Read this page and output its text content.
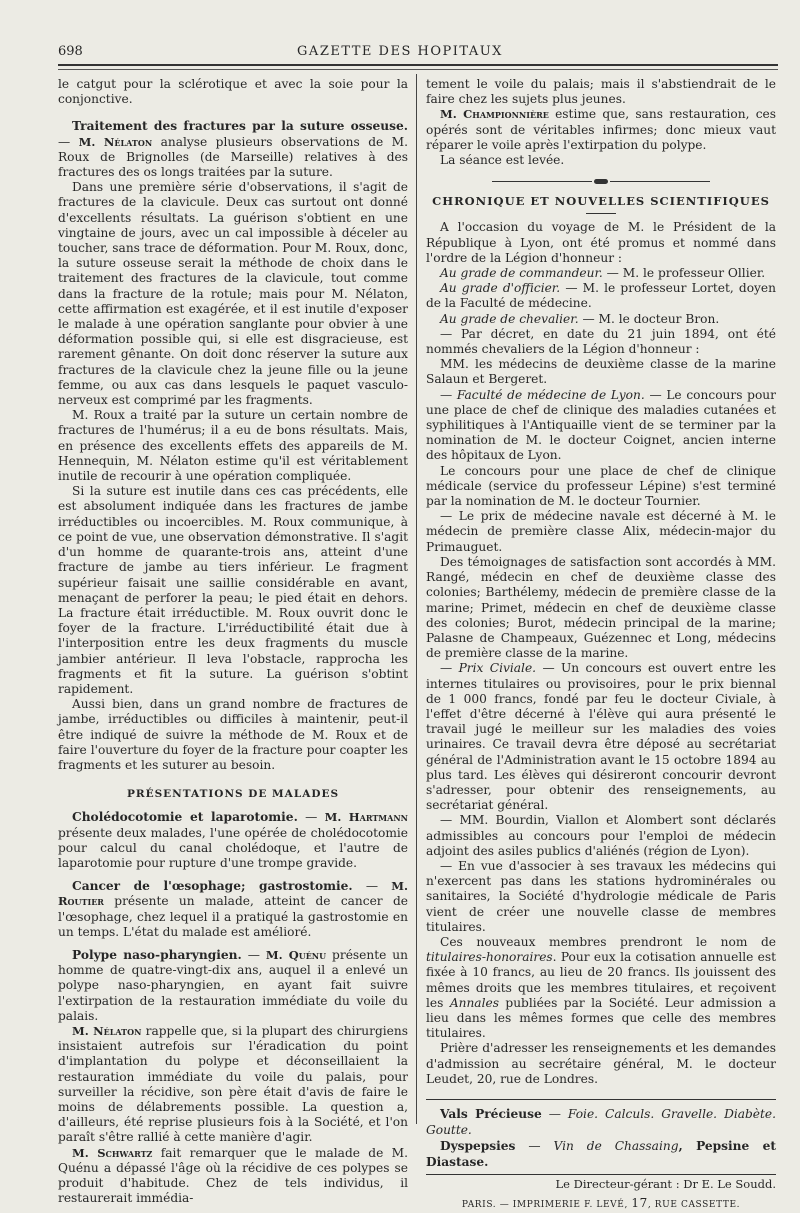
698	GAZETTE DES HOPITAUX

le catgut pour la sclérotique et avec la soie pour la conjonctive.

Traitement des fractures par la suture osseuse. — M. Nélaton analyse plusieurs observations de M. Roux de Brignolles (de Marseille) relatives à des fractures des os longs traitées par la suture.

Dans une première série d'observations, il s'agit de fractures de la clavicule. Deux cas surtout ont donné d'excellents résultats. La guérison s'obtient en une vingtaine de jours, avec un cal impossible à déceler au toucher, sans trace de déformation. Pour M. Roux, donc, la suture osseuse serait la méthode de choix dans le traitement des fractures de la clavicule, tout comme dans la fracture de la rotule; mais pour M. Nélaton, cette affirmation est exagérée, et il est inutile d'exposer le malade à une opération sanglante pour obvier à une déformation possible qui, si elle est disgracieuse, est rarement gênante. On doit donc réserver la suture aux fractures de la clavicule chez la jeune fille ou la jeune femme, ou aux cas dans lesquels le paquet vasculo-nerveux est comprimé par les fragments.

M. Roux a traité par la suture un certain nombre de fractures de l'humérus; il a eu de bons résultats. Mais, en présence des excellents effets des appareils de M. Hennequin, M. Nélaton estime qu'il est véritablement inutile de recourir à une opération compliquée.

Si la suture est inutile dans ces cas précédents, elle est absolument indiquée dans les fractures de jambe irréductibles ou incoercibles. M. Roux communique, à ce point de vue, une observation démonstrative. Il s'agit d'un homme de quarante-trois ans, atteint d'une fracture de jambe au tiers inférieur. Le fragment supérieur faisait une saillie considérable en avant, menaçant de perforer la peau; le pied était en dehors. La fracture était irréductible. M. Roux ouvrit donc le foyer de la fracture. L'irréductibilité était due à l'interposition entre les deux fragments du muscle jambier antérieur. Il leva l'obstacle, rapprocha les fragments et fit la suture. La guérison s'obtint rapidement.

Aussi bien, dans un grand nombre de fractures de jambe, irréductibles ou difficiles à maintenir, peut-il être indiqué de suivre la méthode de M. Roux et de faire l'ouverture du foyer de la fracture pour coapter les fragments et les suturer au besoin.

PRÉSENTATIONS DE MALADES

Cholédocotomie et laparotomie. — M. Hartmann présente deux malades, l'une opérée de cholédocotomie pour calcul du canal cholédoque, et l'autre de laparotomie pour rupture d'une trompe gravide.

Cancer de l'œsophage; gastrostomie. — M. Routier présente un malade, atteint de cancer de l'œsophage, chez lequel il a pratiqué la gastrostomie en un temps. L'état du malade est amélioré.

Polype naso-pharyngien. — M. Quénu présente un homme de quatre-vingt-dix ans, auquel il a enlevé un polype naso-pharyngien, en ayant fait suivre l'extirpation de la restauration immédiate du voile du palais.

M. Nélaton rappelle que, si la plupart des chirurgiens insistaient autrefois sur l'éradication du point d'implantation du polype et déconseillaient la restauration immédiate du voile du palais, pour surveiller la récidive, son père était d'avis de faire le moins de délabrements possible. La question a, d'ailleurs, été reprise plusieurs fois à la Société, et l'on paraît s'être rallié à cette manière d'agir.

M. Schwartz fait remarquer que le malade de M. Quénu a dépassé l'âge où la récidive de ces polypes se produit d'habitude. Chez de tels individus, il restaurerait immédia-

tement le voile du palais; mais il s'abstiendrait de le faire chez les sujets plus jeunes.

M. Championnière estime que, sans restauration, ces opérés sont de véritables infirmes; donc mieux vaut réparer le voile après l'extirpation du polype.

La séance est levée.

CHRONIQUE ET NOUVELLES SCIENTIFIQUES

A l'occasion du voyage de M. le Président de la République à Lyon, ont été promus et nommé dans l'ordre de la Légion d'honneur :

Au grade de commandeur. — M. le professeur Ollier.

Au grade d'officier. — M. le professeur Lortet, doyen de la Faculté de médecine.

Au grade de chevalier. — M. le docteur Bron.

— Par décret, en date du 21 juin 1894, ont été nommés chevaliers de la Légion d'honneur :

MM. les médecins de deuxième classe de la marine Salaun et Bergeret.

— Faculté de médecine de Lyon. — Le concours pour une place de chef de clinique des maladies cutanées et syphilitiques à l'Antiquaille vient de se terminer par la nomination de M. le docteur Coignet, ancien interne des hôpitaux de Lyon.

Le concours pour une place de chef de clinique médicale (service du professeur Lépine) s'est terminé par la nomination de M. le docteur Tournier.

— Le prix de médecine navale est décerné à M. le médecin de première classe Alix, médecin-major du Primauguet.

Des témoignages de satisfaction sont accordés à MM. Rangé, médecin en chef de deuxième classe des colonies; Barthélemy, médecin de première classe de la marine; Primet, médecin en chef de deuxième classe des colonies; Burot, médecin principal de la marine; Palasne de Champeaux, Guézennec et Long, médecins de première classe de la marine.

— Prix Civiale. — Un concours est ouvert entre les internes titulaires ou provisoires, pour le prix biennal de 1 000 francs, fondé par feu le docteur Civiale, à l'effet d'être décerné à l'élève qui aura présenté le travail jugé le meilleur sur les maladies des voies urinaires. Ce travail devra être déposé au secrétariat général de l'Administration avant le 15 octobre 1894 au plus tard. Les élèves qui désireront concourir devront s'adresser, pour obtenir des renseignements, au secrétariat général.

— MM. Bourdin, Viallon et Alombert sont déclarés admissibles au concours pour l'emploi de médecin adjoint des asiles publics d'aliénés (région de Lyon).

— En vue d'associer à ses travaux les médecins qui n'exercent pas dans les stations hydrominérales ou sanitaires, la Société d'hydrologie médicale de Paris vient de créer une nouvelle classe de membres titulaires.

Ces nouveaux membres prendront le nom de titulaires-honoraires. Pour eux la cotisation annuelle est fixée à 10 francs, au lieu de 20 francs. Ils jouissent des mêmes droits que les membres titulaires, et reçoivent les Annales publiées par la Société. Leur admission a lieu dans les mêmes formes que celle des membres titulaires.

Prière d'adresser les renseignements et les demandes d'admission au secrétaire général, M. le docteur Leudet, 20, rue de Londres.

Vals Précieuse — Foie. Calculs. Gravelle. Diabète. Goutte.

Dyspepsies — Vin de Chassaing, Pepsine et Diastase.

Le Directeur-gérant : Dr E. Le Soudd.
PARIS. — IMPRIMERIE F. LEVÉ, 17, RUE CASSETTE.
